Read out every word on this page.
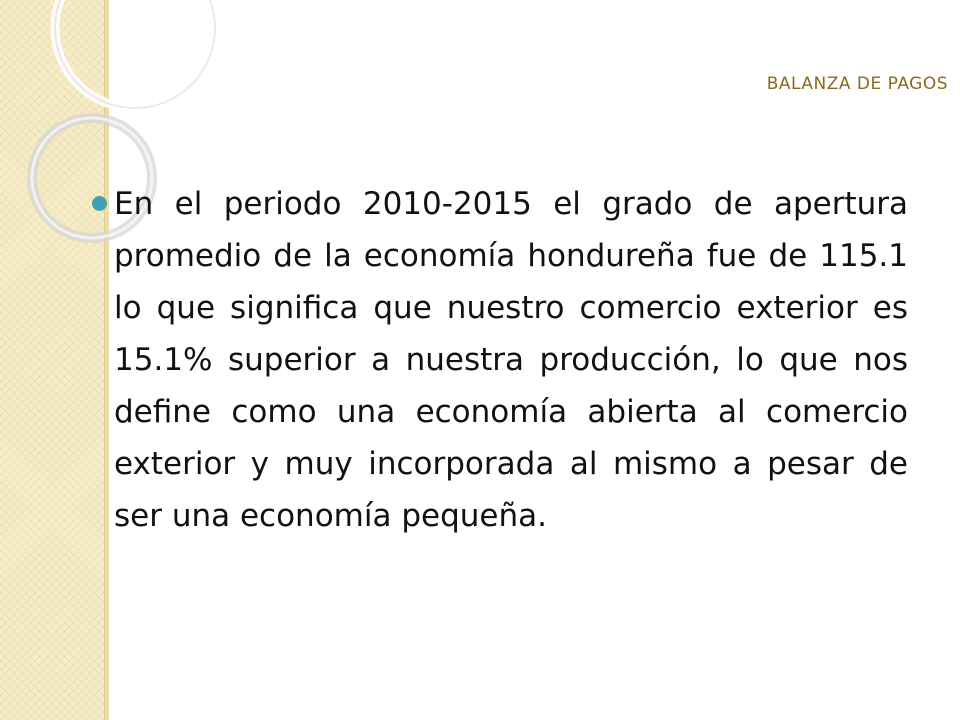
BALANZA DE PAGOS

En el periodo 2010-2015 el grado de apertura promedio de la economía hondureña fue de 115.1 lo que significa que nuestro comercio exterior es 15.1% superior a nuestra producción, lo que nos define como una economía abierta al comercio exterior y muy incorporada al mismo a pesar de ser una economía pequeña.
